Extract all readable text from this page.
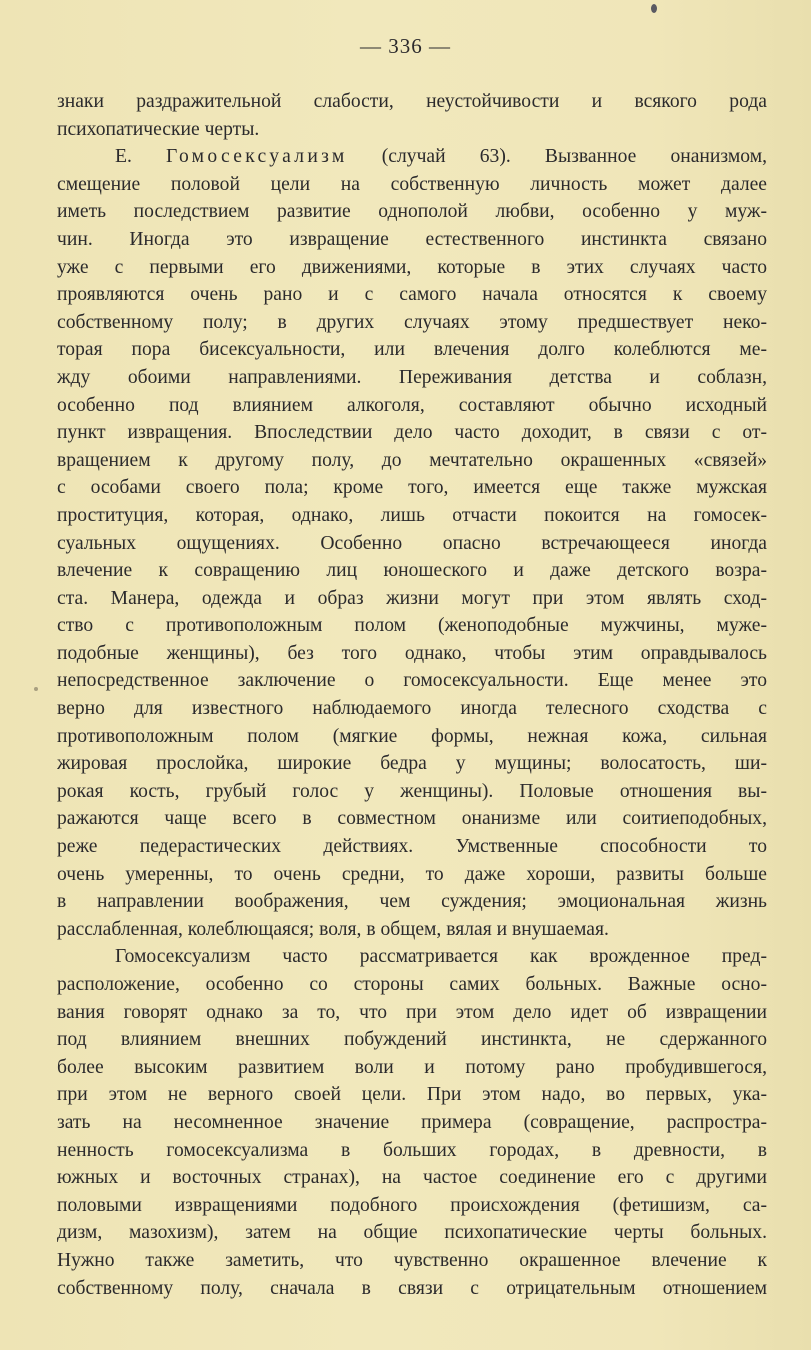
— 336 —
знаки раздражительной слабости, неустойчивости и всякого рода
психопатические черты.
Е. Гомосексуализм (случай 63). Вызванное онанизмом,
смещение половой цели на собственную личность может далее
иметь последствием развитие однополой любви, особенно у муж-
чин. Иногда это извращение естественного инстинкта связано
уже с первыми его движениями, которые в этих случаях часто
проявляются очень рано и с самого начала относятся к своему
собственному полу; в других случаях этому предшествует неко-
торая пора бисексуальности, или влечения долго колеблются ме-
жду обоими направлениями. Переживания детства и соблазн,
особенно под влиянием алкоголя, составляют обычно исходный
пункт извращения. Впоследствии дело часто доходит, в связи с от-
вращением к другому полу, до мечтательно окрашенных «связей»
с особами своего пола; кроме того, имеется еще также мужская
проституция, которая, однако, лишь отчасти покоится на гомосек-
суальных ощущениях. Особенно опасно встречающееся иногда
влечение к совращению лиц юношеского и даже детского возра-
ста. Манера, одежда и образ жизни могут при этом являть сход-
ство с противоположным полом (женоподобные мужчины, муже-
подобные женщины), без того однако, чтобы этим оправдывалось
непосредственное заключение о гомосексуальности. Еще менее это
верно для известного наблюдаемого иногда телесного сходства с
противоположным полом (мягкие формы, нежная кожа, сильная
жировая прослойка, широкие бедра у мущины; волосатость, ши-
рокая кость, грубый голос у женщины). Половые отношения вы-
ражаются чаще всего в совместном онанизме или соитиеподобных,
реже педерастических действиях. Умственные способности то
очень умеренны, то очень средни, то даже хороши, развиты больше
в направлении воображения, чем суждения; эмоциональная жизнь
расслабленная, колеблющаяся; воля, в общем, вялая и внушаемая.
Гомосексуализм часто рассматривается как врожденное пред-
расположение, особенно со стороны самих больных. Важные осно-
вания говорят однако за то, что при этом дело идет об извращении
под влиянием внешних побуждений инстинкта, не сдержанного
более высоким развитием воли и потому рано пробудившегося,
при этом не верного своей цели. При этом надо, во первых, ука-
зать на несомненное значение примера (совращение, распростра-
ненность гомосексуализма в больших городах, в древности, в
южных и восточных странах), на частое соединение его с другими
половыми извращениями подобного происхождения (фетишизм, са-
дизм, мазохизм), затем на общие психопатические черты больных.
Нужно также заметить, что чувственно окрашенное влечение к
собственному полу, сначала в связи с отрицательным отношением
